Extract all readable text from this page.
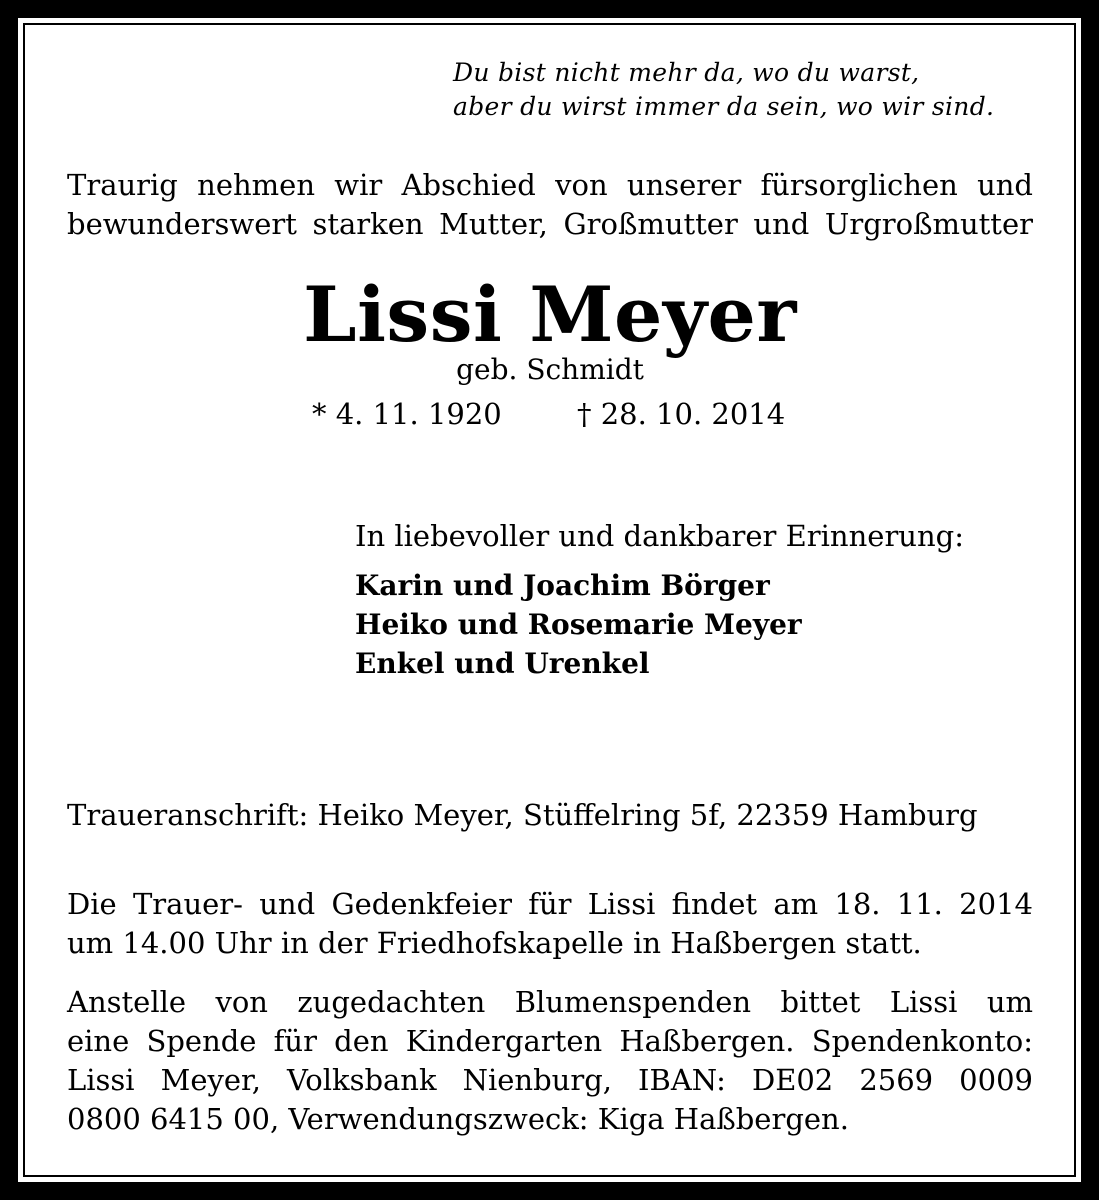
Du bist nicht mehr da, wo du warst,
aber du wirst immer da sein, wo wir sind.
Traurig nehmen wir Abschied von unserer fürsorglichen und
bewunderswert starken Mutter, Großmutter und Urgroßmutter
Lissi Meyer
geb. Schmidt
* 4. 11. 1920	† 28. 10. 2014
In liebevoller und dankbarer Erinnerung:
Karin und Joachim Börger
Heiko und Rosemarie Meyer
Enkel und Urenkel
Traueranschrift: Heiko Meyer, Stüffelring 5f, 22359 Hamburg
Die Trauer- und Gedenkfeier für Lissi findet am 18. 11. 2014
um 14.00 Uhr in der Friedhofskapelle in Haßbergen statt.
Anstelle von zugedachten Blumenspenden bittet Lissi um
eine Spende für den Kindergarten Haßbergen. Spendenkonto:
Lissi Meyer, Volksbank Nienburg, IBAN: DE02 2569 0009
0800 6415 00, Verwendungszweck: Kiga Haßbergen.
